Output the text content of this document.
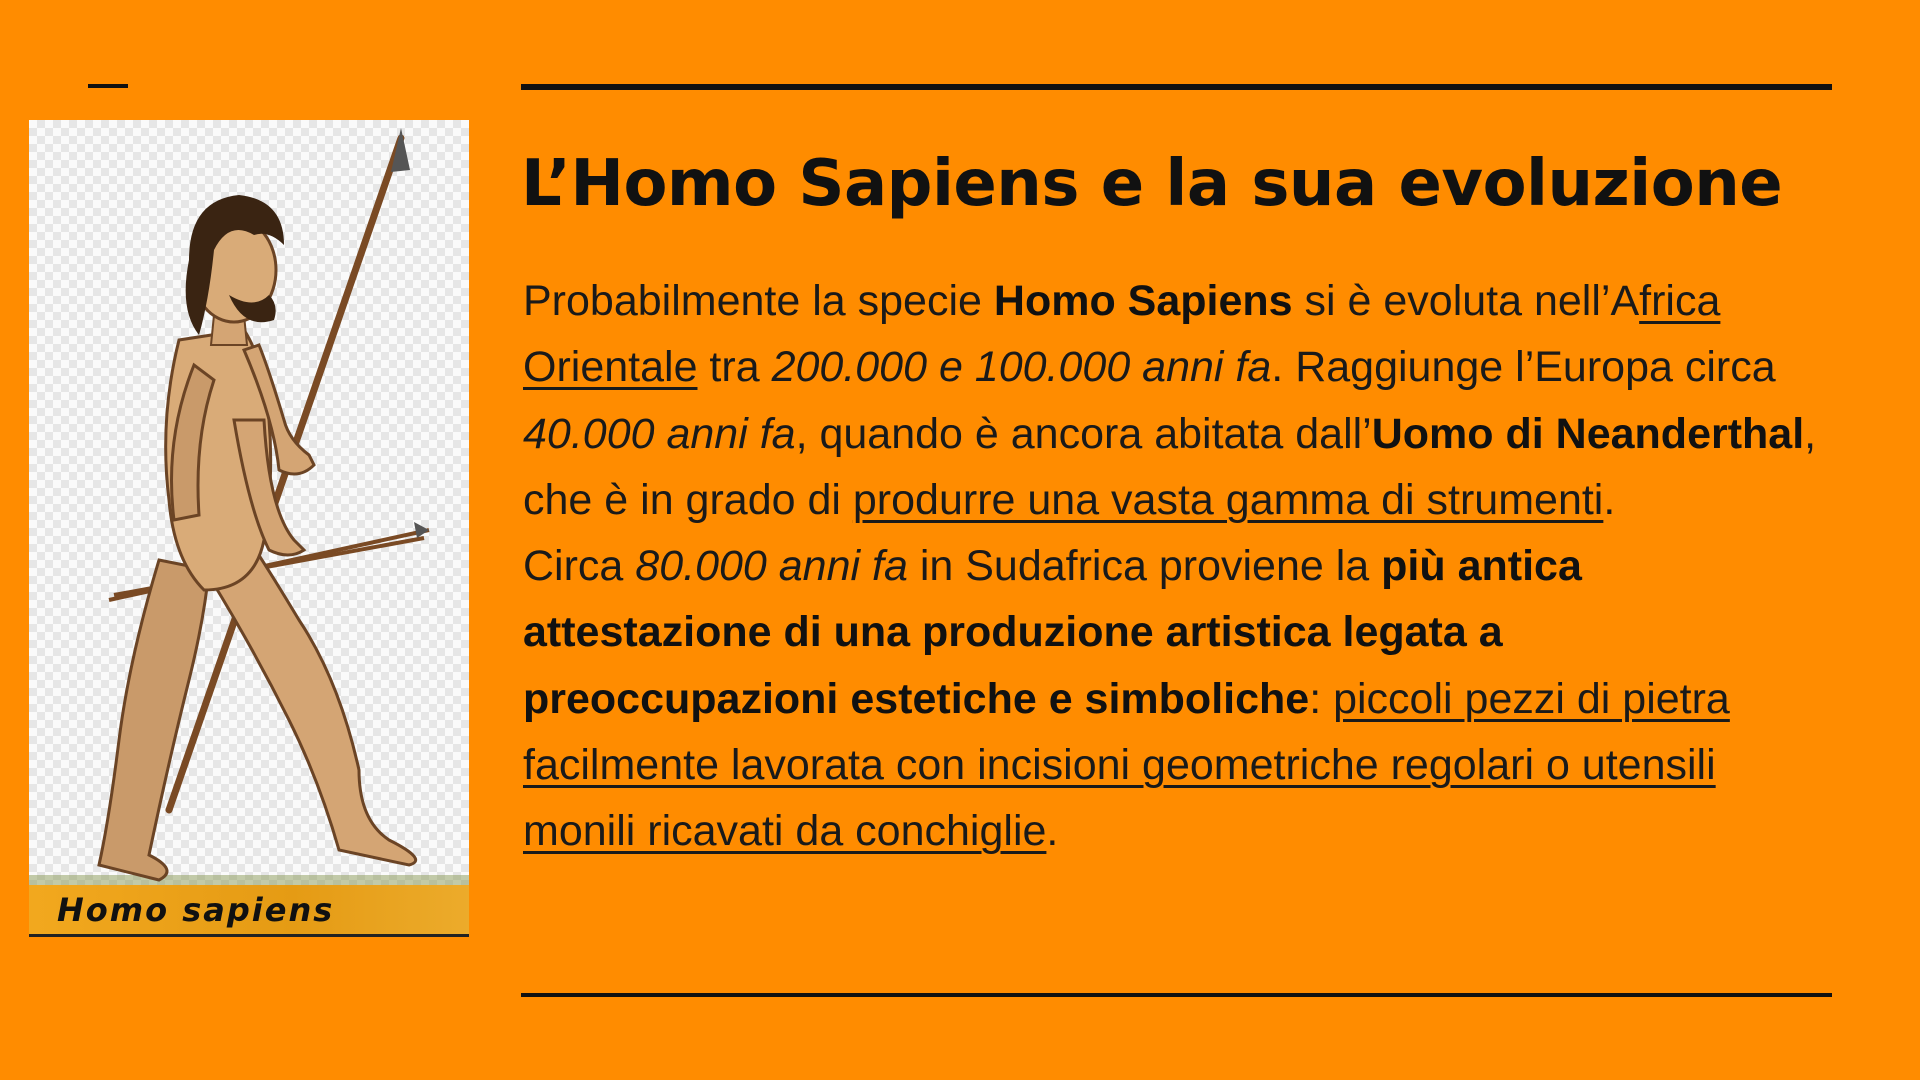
Homo sapiens
L’Homo Sapiens e la sua evoluzione

Probabilmente la specie Homo Sapiens si è evoluta nell’Africa Orientale tra 200.000 e 100.000 anni fa. Raggiunge l’Europa circa 40.000 anni fa, quando è ancora abitata dall’Uomo di Neanderthal, che è in grado di produrre una vasta gamma di strumenti.

Circa 80.000 anni fa in Sudafrica proviene la più antica attestazione di una produzione artistica legata a preoccupazioni estetiche e simboliche: piccoli pezzi di pietra facilmente lavorata con incisioni geometriche regolari o utensili monili ricavati da conchiglie.
